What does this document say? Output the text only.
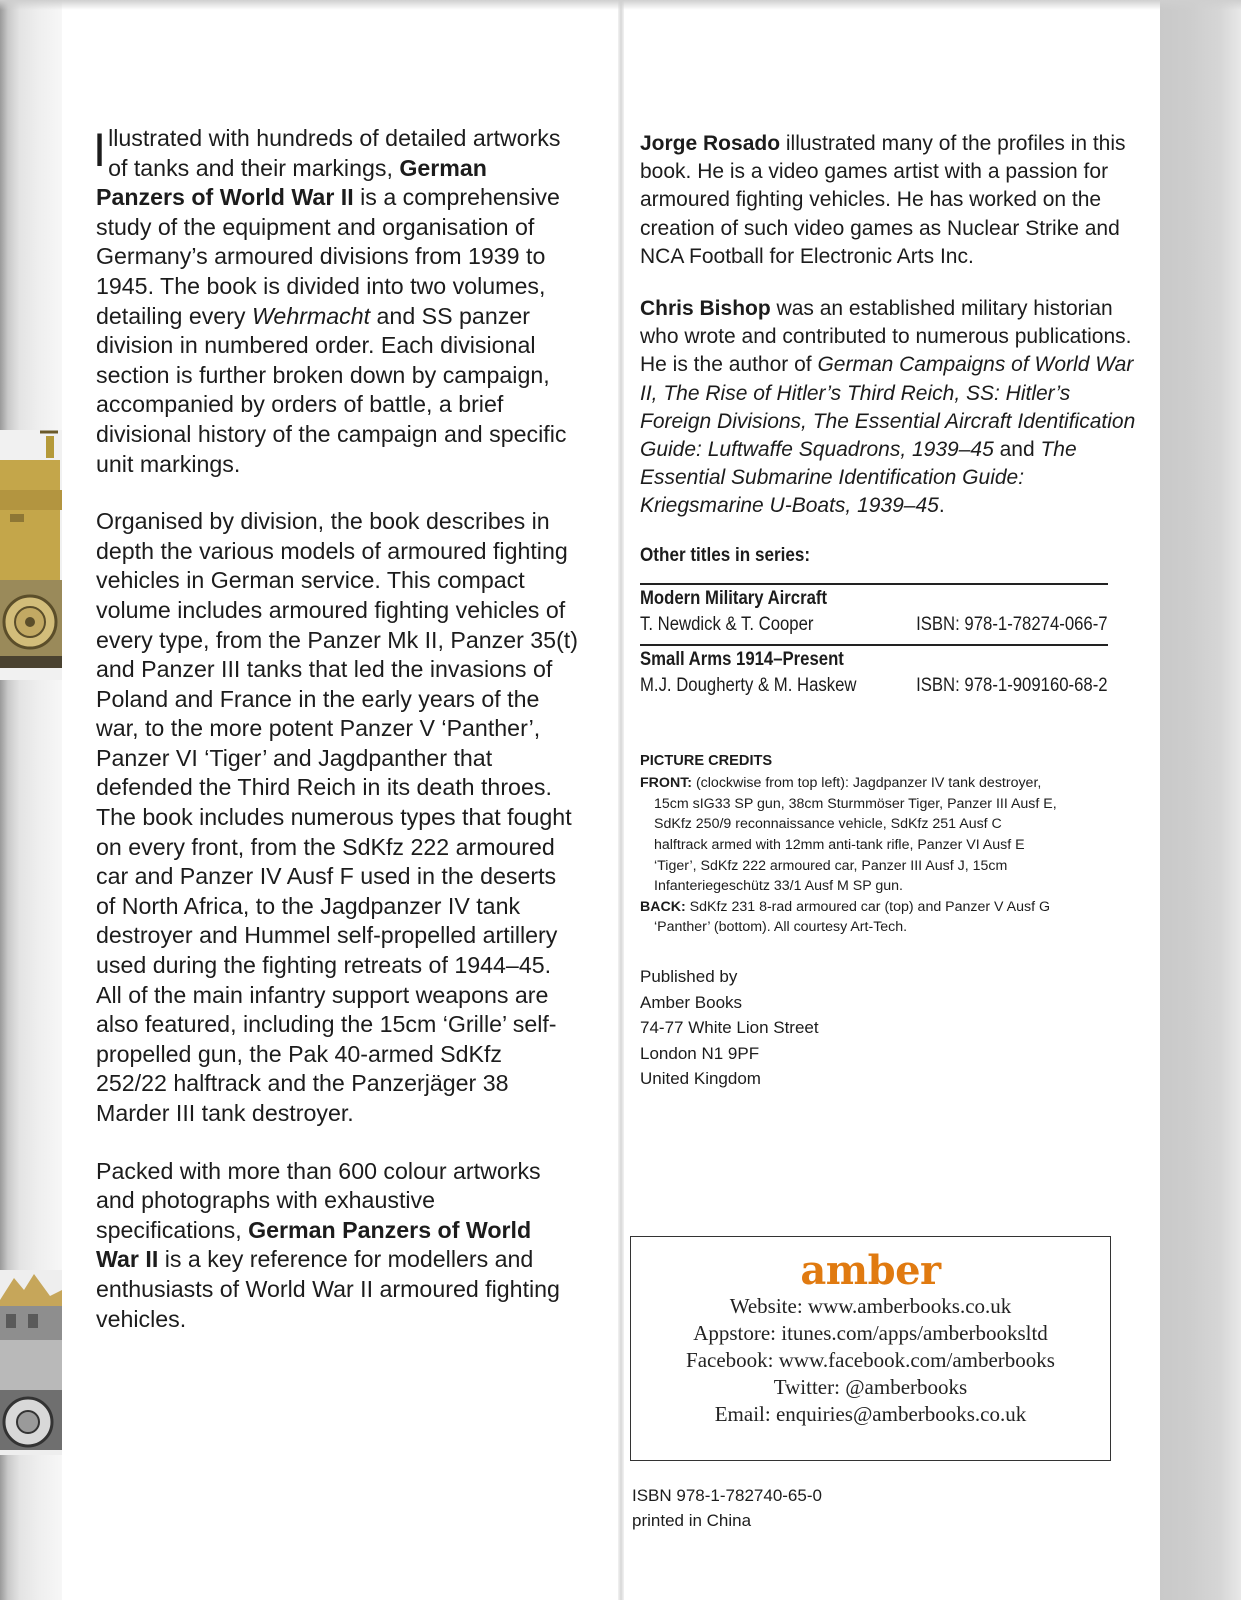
Illustrated with hundreds of detailed artworks of tanks and their markings, German Panzers of World War II is a comprehensive study of the equipment and organisation of Germany’s armoured divisions from 1939 to 1945. The book is divided into two volumes, detailing every Wehrmacht and SS panzer division in numbered order. Each divisional section is further broken down by campaign, accompanied by orders of battle, a brief divisional history of the campaign and specific unit markings.

Organised by division, the book describes in depth the various models of armoured fighting vehicles in German service. This compact volume includes armoured fighting vehicles of every type, from the Panzer Mk II, Panzer 35(t) and Panzer III tanks that led the invasions of Poland and France in the early years of the war, to the more potent Panzer V ‘Panther’, Panzer VI ‘Tiger’ and Jagdpanther that defended the Third Reich in its death throes. The book includes numerous types that fought on every front, from the SdKfz 222 armoured car and Panzer IV Ausf F used in the deserts of North Africa, to the Jagdpanzer IV tank destroyer and Hummel self-propelled artillery used during the fighting retreats of 1944–45. All of the main infantry support weapons are also featured, including the 15cm ‘Grille’ self-propelled gun, the Pak 40-armed SdKfz 252/22 halftrack and the Panzerjäger 38 Marder III tank destroyer.

Packed with more than 600 colour artworks and photographs with exhaustive specifications, German Panzers of World War II is a key reference for modellers and enthusiasts of World War II armoured fighting vehicles.

Jorge Rosado illustrated many of the profiles in this book. He is a video games artist with a passion for armoured fighting vehicles. He has worked on the creation of such video games as Nuclear Strike and NCA Football for Electronic Arts Inc.

Chris Bishop was an established military historian who wrote and contributed to numerous publications. He is the author of German Campaigns of World War II, The Rise of Hitler’s Third Reich, SS: Hitler’s Foreign Divisions, The Essential Aircraft Identification Guide: Luftwaffe Squadrons, 1939–45 and The Essential Submarine Identification Guide: Kriegsmarine U-Boats, 1939–45.

Other titles in series:
Modern Military Aircraft
T. Newdick & T. Cooper	ISBN: 978-1-78274-066-7
Small Arms 1914–Present
M.J. Dougherty & M. Haskew	ISBN: 978-1-909160-68-2
PICTURE CREDITS
FRONT: (clockwise from top left): Jagdpanzer IV tank destroyer,
15cm sIG33 SP gun, 38cm Sturmmöser Tiger, Panzer III Ausf E,
SdKfz 250/9 reconnaissance vehicle, SdKfz 251 Ausf C
halftrack armed with 12mm anti-tank rifle, Panzer VI Ausf E
‘Tiger’, SdKfz 222 armoured car, Panzer III Ausf J, 15cm
Infanteriegeschütz 33/1 Ausf M SP gun.
BACK: SdKfz 231 8-rad armoured car (top) and Panzer V Ausf G
‘Panther’ (bottom). All courtesy Art-Tech.
Published by
Amber Books
74-77 White Lion Street
London N1 9PF
United Kingdom
amber
Website: www.amberbooks.co.uk
Appstore: itunes.com/apps/amberbooksltd
Facebook: www.facebook.com/amberbooks
Twitter: @amberbooks
Email: enquiries@amberbooks.co.uk
ISBN 978-1-782740-65-0
printed in China
